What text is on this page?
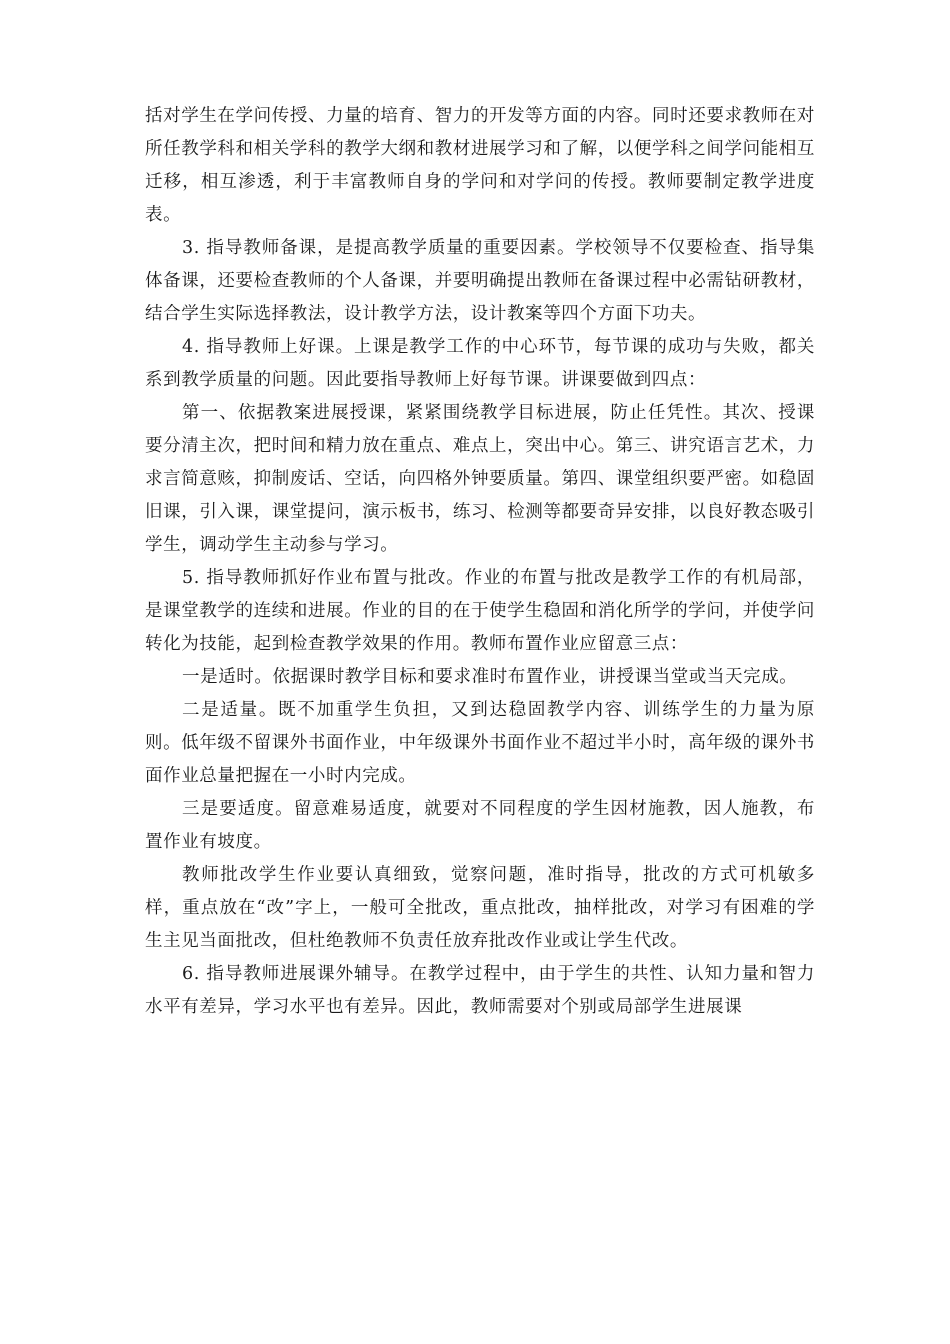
括对学生在学问传授、力量的培育、智力的开发等方面的内容。同时还要求教师在对所任教学科和相关学科的教学大纲和教材进展学习和了解，以便学科之间学问能相互迁移，相互渗透，利于丰富教师自身的学问和对学问的传授。教师要制定教学进度表。

3. 指导教师备课，是提高教学质量的重要因素。学校领导不仅要检查、指导集体备课，还要检查教师的个人备课，并要明确提出教师在备课过程中必需钻研教材，结合学生实际选择教法，设计教学方法，设计教案等四个方面下功夫。

4. 指导教师上好课。上课是教学工作的中心环节，每节课的成功与失败，都关系到教学质量的问题。因此要指导教师上好每节课。讲课要做到四点：

第一、依据教案进展授课，紧紧围绕教学目标进展，防止任凭性。其次、授课要分清主次，把时间和精力放在重点、难点上，突出中心。第三、讲究语言艺术，力求言简意赅，抑制废话、空话，向四格外钟要质量。第四、课堂组织要严密。如稳固旧课，引入课，课堂提问，演示板书，练习、检测等都要奇异安排，以良好教态吸引学生，调动学生主动参与学习。

5. 指导教师抓好作业布置与批改。作业的布置与批改是教学工作的有机局部，是课堂教学的连续和进展。作业的目的在于使学生稳固和消化所学的学问，并使学问转化为技能，起到检查教学效果的作用。教师布置作业应留意三点：

一是适时。依据课时教学目标和要求准时布置作业，讲授课当堂或当天完成。

二是适量。既不加重学生负担，又到达稳固教学内容、训练学生的力量为原则。低年级不留课外书面作业，中年级课外书面作业不超过半小时，高年级的课外书面作业总量把握在一小时内完成。

三是要适度。留意难易适度，就要对不同程度的学生因材施教，因人施教，布置作业有坡度。

教师批改学生作业要认真细致，觉察问题，准时指导，批改的方式可机敏多样，重点放在“改”字上，一般可全批改，重点批改，抽样批改，对学习有困难的学生主见当面批改，但杜绝教师不负责任放弃批改作业或让学生代改。

6. 指导教师进展课外辅导。在教学过程中，由于学生的共性、认知力量和智力水平有差异，学习水平也有差异。因此，教师需要对个别或局部学生进展课
